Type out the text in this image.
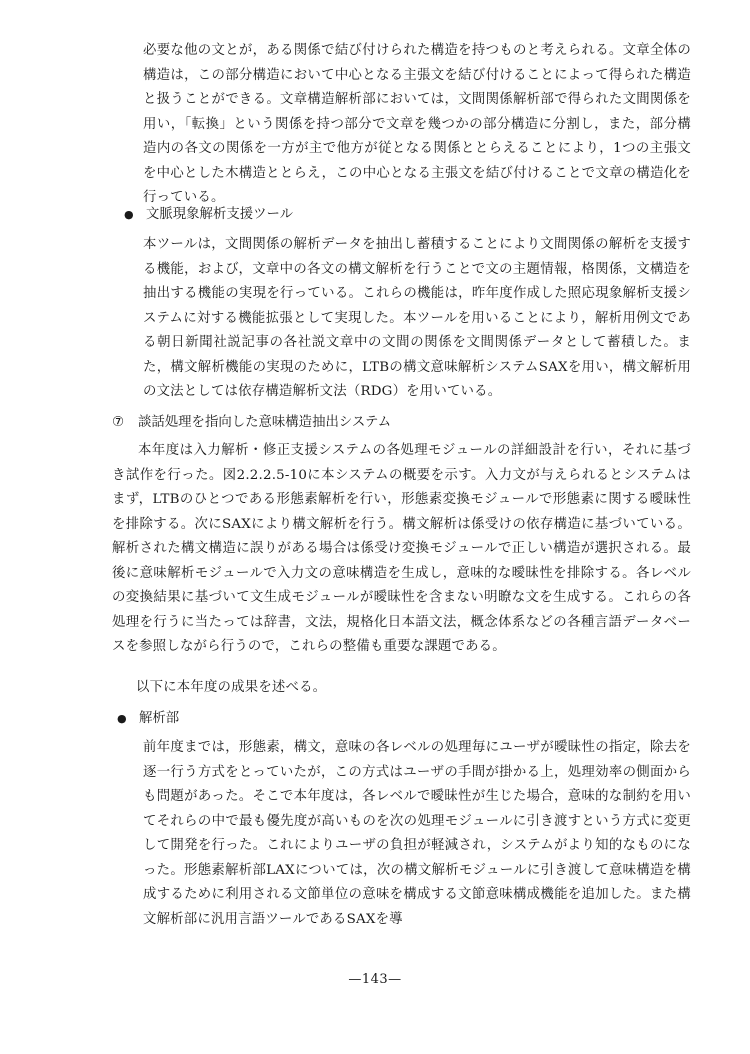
必要な他の文とが，ある関係で結び付けられた構造を持つものと考えられる。文章全体の構造は，この部分構造において中心となる主張文を結び付けることによって得られた構造と扱うことができる。文章構造解析部においては，文間関係解析部で得られた文間関係を用い，「転換」という関係を持つ部分で文章を幾つかの部分構造に分割し，また，部分構造内の各文の関係を一方が主で他方が従となる関係ととらえることにより，1つの主張文を中心とした木構造ととらえ，この中心となる主張文を結び付けることで文章の構造化を行っている。

● 文脈現象解析支援ツール

本ツールは，文間関係の解析データを抽出し蓄積することにより文間関係の解析を支援する機能，および，文章中の各文の構文解析を行うことで文の主題情報，格関係，文構造を抽出する機能の実現を行っている。これらの機能は，昨年度作成した照応現象解析支援システムに対する機能拡張として実現した。本ツールを用いることにより，解析用例文である朝日新聞社説記事の各社説文章中の文間の関係を文間関係データとして蓄積した。また，構文解析機能の実現のために，LTBの構文意味解析システムSAXを用い，構文解析用の文法としては依存構造解析文法（RDG）を用いている。

⑦ 談話処理を指向した意味構造抽出システム

本年度は入力解析・修正支援システムの各処理モジュールの詳細設計を行い，それに基づき試作を行った。図2.2.2.5-10に本システムの概要を示す。入力文が与えられるとシステムはまず，LTBのひとつである形態素解析を行い，形態素変換モジュールで形態素に関する曖昧性を排除する。次にSAXにより構文解析を行う。構文解析は係受けの依存構造に基づいている。解析された構文構造に誤りがある場合は係受け変換モジュールで正しい構造が選択される。最後に意味解析モジュールで入力文の意味構造を生成し，意味的な曖昧性を排除する。各レベルの変換結果に基づいて文生成モジュールが曖昧性を含まない明瞭な文を生成する。これらの各処理を行うに当たっては辞書，文法，規格化日本語文法，概念体系などの各種言語データベースを参照しながら行うので，これらの整備も重要な課題である。

以下に本年度の成果を述べる。

● 解析部

前年度までは，形態素，構文，意味の各レベルの処理毎にユーザが曖昧性の指定，除去を逐一行う方式をとっていたが，この方式はユーザの手間が掛かる上，処理効率の側面からも問題があった。そこで本年度は，各レベルで曖昧性が生じた場合，意味的な制約を用いてそれらの中で最も優先度が高いものを次の処理モジュールに引き渡すという方式に変更して開発を行った。これによりユーザの負担が軽減され，システムがより知的なものになった。形態素解析部LAXについては，次の構文解析モジュールに引き渡して意味構造を構成するために利用される文節単位の意味を構成する文節意味構成機能を追加した。また構文解析部に汎用言語ツールであるSAXを導

—143—
